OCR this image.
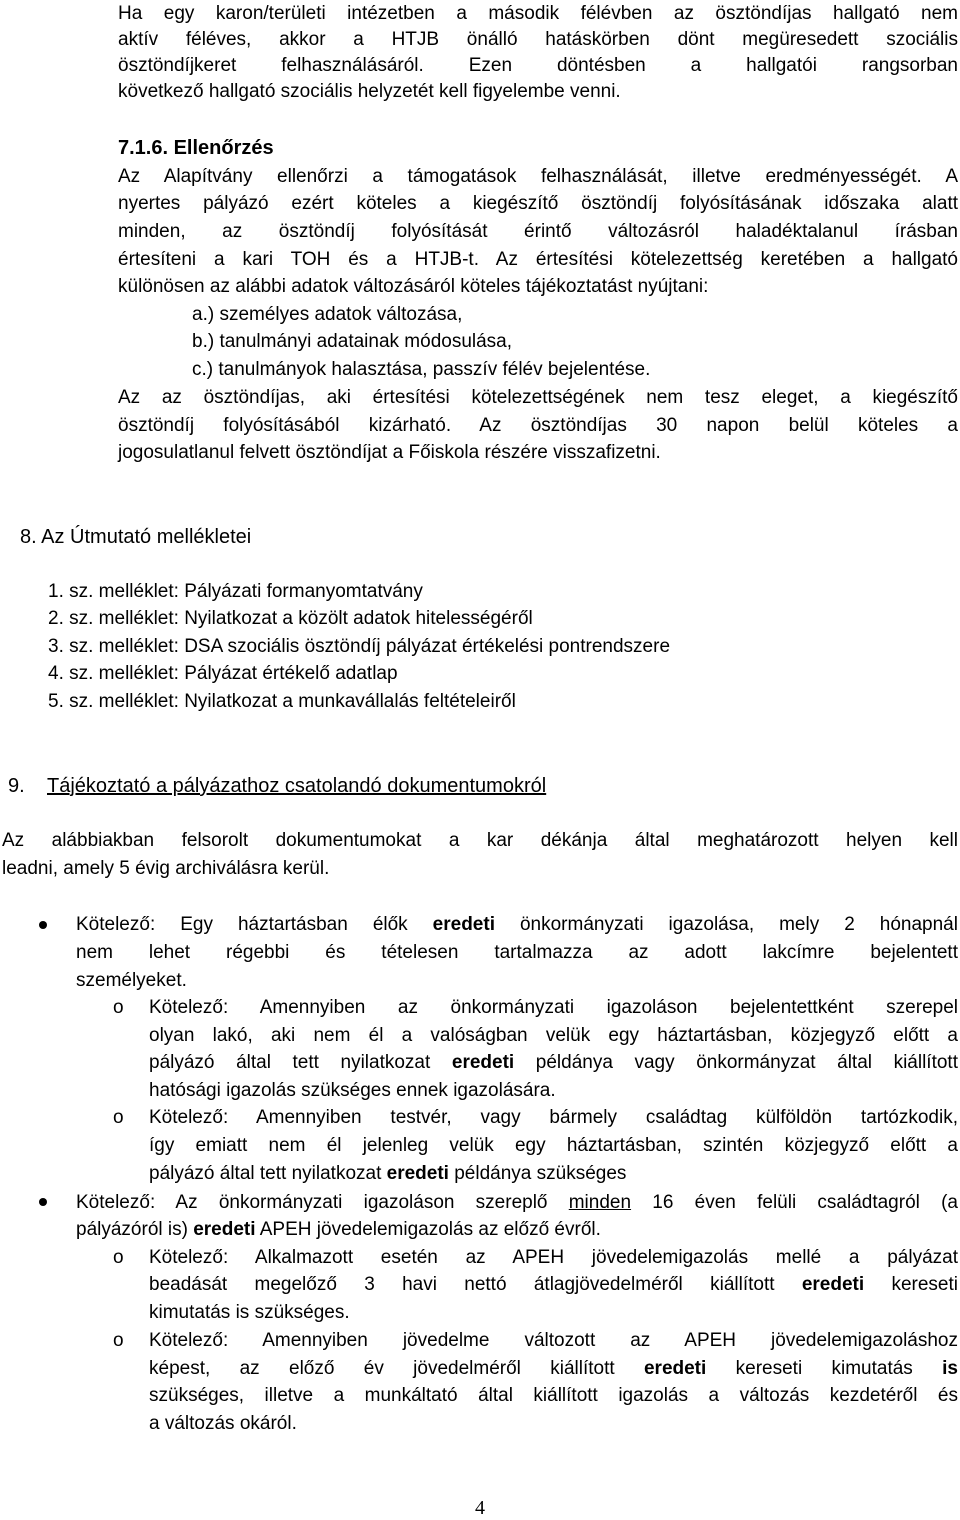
Ha egy karon/területi intézetben a második félévben az ösztöndíjas hallgató nem
aktív féléves, akkor a HTJB önálló hatáskörben dönt megüresedett szociális
ösztöndíjkeret felhasználásáról. Ezen döntésben a hallgatói rangsorban
következő hallgató szociális helyzetét kell figyelembe venni.
7.1.6. Ellenőrzés
Az Alapítvány ellenőrzi a támogatások felhasználását, illetve eredményességét. A
nyertes pályázó ezért köteles a kiegészítő ösztöndíj folyósításának időszaka alatt
minden, az ösztöndíj folyósítását érintő változásról haladéktalanul írásban
értesíteni a kari TOH és a HTJB-t. Az értesítési kötelezettség keretében a hallgató
különösen az alábbi adatok változásáról köteles tájékoztatást nyújtani:
a.) személyes adatok változása,
b.) tanulmányi adatainak módosulása,
c.) tanulmányok halasztása, passzív félév bejelentése.
Az az ösztöndíjas, aki értesítési kötelezettségének nem tesz eleget, a kiegészítő
ösztöndíj folyósításából kizárható. Az ösztöndíjas 30 napon belül köteles a
jogosulatlanul felvett ösztöndíjat a Főiskola részére visszafizetni.
8. Az Útmutató mellékletei
1. sz. melléklet: Pályázati formanyomtatvány
2. sz. melléklet: Nyilatkozat a közölt adatok hitelességéről
3. sz. melléklet: DSA szociális ösztöndíj pályázat értékelési pontrendszere
4. sz. melléklet: Pályázat értékelő adatlap
5. sz. melléklet: Nyilatkozat a munkavállalás feltételeiről
9. Tájékoztató a pályázathoz csatolandó dokumentumokról
Az alábbiakban felsorolt dokumentumokat a kar dékánja által meghatározott helyen kell
leadni, amely 5 évig archiválásra kerül.
Kötelező: Egy háztartásban élők eredeti önkormányzati igazolása, mely 2 hónapnál
nem lehet régebbi és tételesen tartalmazza az adott lakcímre bejelentett
személyeket.
o Kötelező: Amennyiben az önkormányzati igazoláson bejelentettként szerepel
olyan lakó, aki nem él a valóságban velük egy háztartásban, közjegyző előtt a
pályázó által tett nyilatkozat eredeti példánya vagy önkormányzat által kiállított
hatósági igazolás szükséges ennek igazolására.
o Kötelező: Amennyiben testvér, vagy bármely családtag külföldön tartózkodik,
így emiatt nem él jelenleg velük egy háztartásban, szintén közjegyző előtt a
pályázó által tett nyilatkozat eredeti példánya szükséges
Kötelező: Az önkormányzati igazoláson szereplő minden 16 éven felüli családtagról (a
pályázóról is) eredeti APEH jövedelemigazolás az előző évről.
o Kötelező: Alkalmazott esetén az APEH jövedelemigazolás mellé a pályázat
beadását megelőző 3 havi nettó átlagjövedelméről kiállított eredeti kereseti
kimutatás is szükséges.
o Kötelező: Amennyiben jövedelme változott az APEH jövedelemigazoláshoz
képest, az előző év jövedelméről kiállított eredeti kereseti kimutatás is
szükséges, illetve a munkáltató által kiállított igazolás a változás kezdetéről és
a változás okáról.
4
